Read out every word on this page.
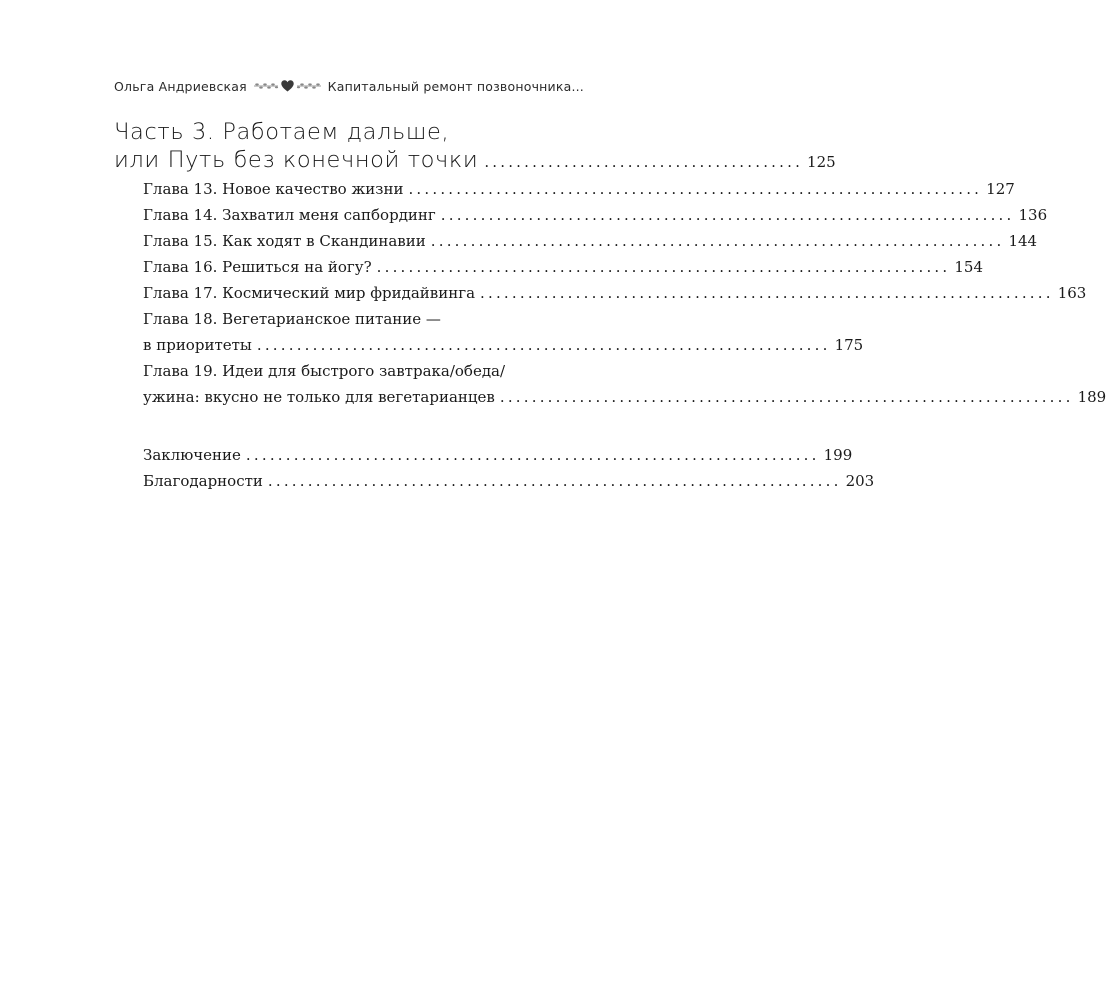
Ольга Андриевская	Капитальный ремонт позвоночника...
Часть 3. Работаем дальше,
или Путь без конечной точки ........................................ 125
Глава 13. Новое качество жизни ........................................................................ 127
Глава 14. Захватил меня сапбординг ........................................................................ 136
Глава 15. Как ходят в Скандинавии ........................................................................ 144
Глава 16. Решиться на йогу? ........................................................................ 154
Глава 17. Космический мир фридайвинга ........................................................................ 163
Глава 18. Вегетарианское питание —
в приоритеты ........................................................................ 175
Глава 19. Идеи для быстрого завтрака/обеда/
ужина: вкусно не только для вегетарианцев ........................................................................ 189
Заключение ........................................................................ 199
Благодарности ........................................................................ 203
